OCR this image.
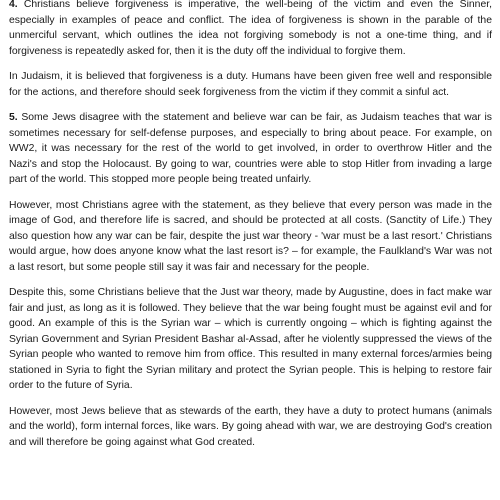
4. Christians believe forgiveness is imperative, the well-being of the victim and even the Sinner, especially in examples of peace and conflict. The idea of forgiveness is shown in the parable of the unmerciful servant, which outlines the idea not forgiving somebody is not a one-time thing, and if forgiveness is repeatedly asked for, then it is the duty off the individual to forgive them.

In Judaism, it is believed that forgiveness is a duty. Humans have been given free well and responsible for the actions, and therefore should seek forgiveness from the victim if they commit a sinful act.

5. Some Jews disagree with the statement and believe war can be fair, as Judaism teaches that war is sometimes necessary for self-defense purposes, and especially to bring about peace. For example, on WW2, it was necessary for the rest of the world to get involved, in order to overthrow Hitler and the Nazi's and stop the Holocaust. By going to war, countries were able to stop Hitler from invading a large part of the world. This stopped more people being treated unfairly.

However, most Christians agree with the statement, as they believe that every person was made in the image of God, and therefore life is sacred, and should be protected at all costs. (Sanctity of Life.) They also question how any war can be fair, despite the just war theory - 'war must be a last resort.' Christians would argue, how does anyone know what the last resort is? – for example, the Faulkland's War was not a last resort, but some people still say it was fair and necessary for the people.

Despite this, some Christians believe that the Just war theory, made by Augustine, does in fact make war fair and just, as long as it is followed. They believe that the war being fought must be against evil and for good. An example of this is the Syrian war – which is currently ongoing – which is fighting against the Syrian Government and Syrian President Bashar al-Assad, after he violently suppressed the views of the Syrian people who wanted to remove him from office. This resulted in many external forces/armies being stationed in Syria to fight the Syrian military and protect the Syrian people. This is helping to restore fair order to the future of Syria.

However, most Jews believe that as stewards of the earth, they have a duty to protect humans (animals and the world), form internal forces, like wars. By going ahead with war, we are destroying God's creation and will therefore be going against what God created.
